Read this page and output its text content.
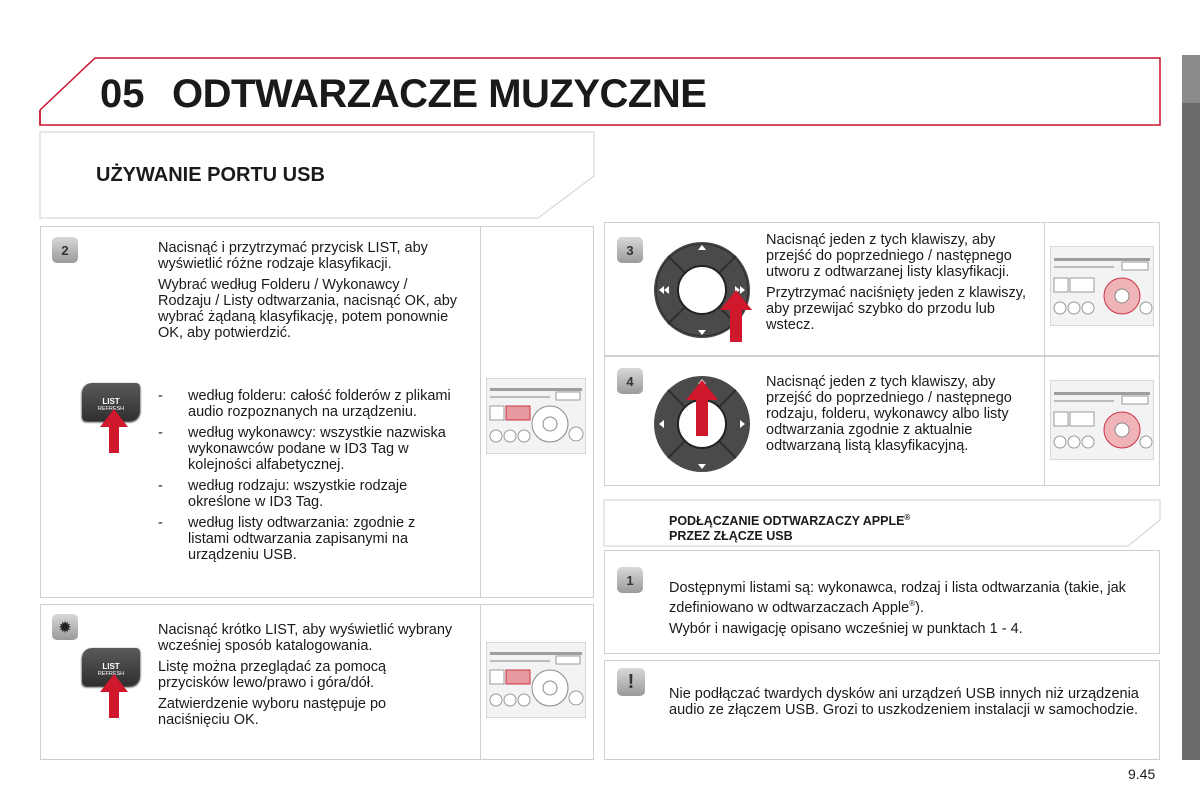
05 ODTWARZACZE MUZYCZNE
UŻYWANIE PORTU USB
2	Nacisnąć i przytrzymać przycisk LIST, aby wyświetlić różne rodzaje klasyfikacji.

Wybrać według Folderu / Wykonawcy / Rodzaju / Listy odtwarzania, nacisnąć OK, aby wybrać żądaną klasyfikację, potem ponownie OK, aby potwierdzić.

- według folderu: całość folderów z plikami audio rozpoznanych na urządzeniu.
- według wykonawcy: wszystkie nazwiska wykonawców podane w ID3 Tag w kolejności alfabetycznej.
- według rodzaju: wszystkie rodzaje określone w ID3 Tag.
- według listy odtwarzania: zgodnie z listami odtwarzania zapisanymi na urządzeniu USB.
LIST
REFRESH
✹	Nacisnąć krótko LIST, aby wyświetlić wybrany wcześniej sposób katalogowania.

Listę można przeglądać za pomocą przycisków lewo/prawo i góra/dół.

Zatwierdzenie wyboru następuje po naciśnięciu OK.

LIST
REFRESH
3

Nacisnąć jeden z tych klawiszy, aby przejść do poprzedniego / następnego utworu z odtwarzanej listy klasyfikacji.

Przytrzymać naciśnięty jeden z klawiszy, aby przewijać szybko do przodu lub wstecz.

4	Nacisnąć jeden z tych klawiszy, aby przejść do poprzedniego / następnego rodzaju, folderu, wykonawcy albo listy odtwarzania zgodnie z aktualnie odtwarzaną listą klasyfikacyjną.

PODŁĄCZANIE ODTWARZACZY APPLE®
PRZEZ ZŁĄCZE USB
1	Dostępnymi listami są: wykonawca, rodzaj i lista odtwarzania (takie, jak zdefiniowano w odtwarzaczach Apple®).

Wybór i nawigację opisano wcześniej w punktach 1 - 4.

!

Nie podłączać twardych dysków ani urządzeń USB innych niż urządzenia audio ze złączem USB. Grozi to uszkodzeniem instalacji w samochodzie.

9.45
